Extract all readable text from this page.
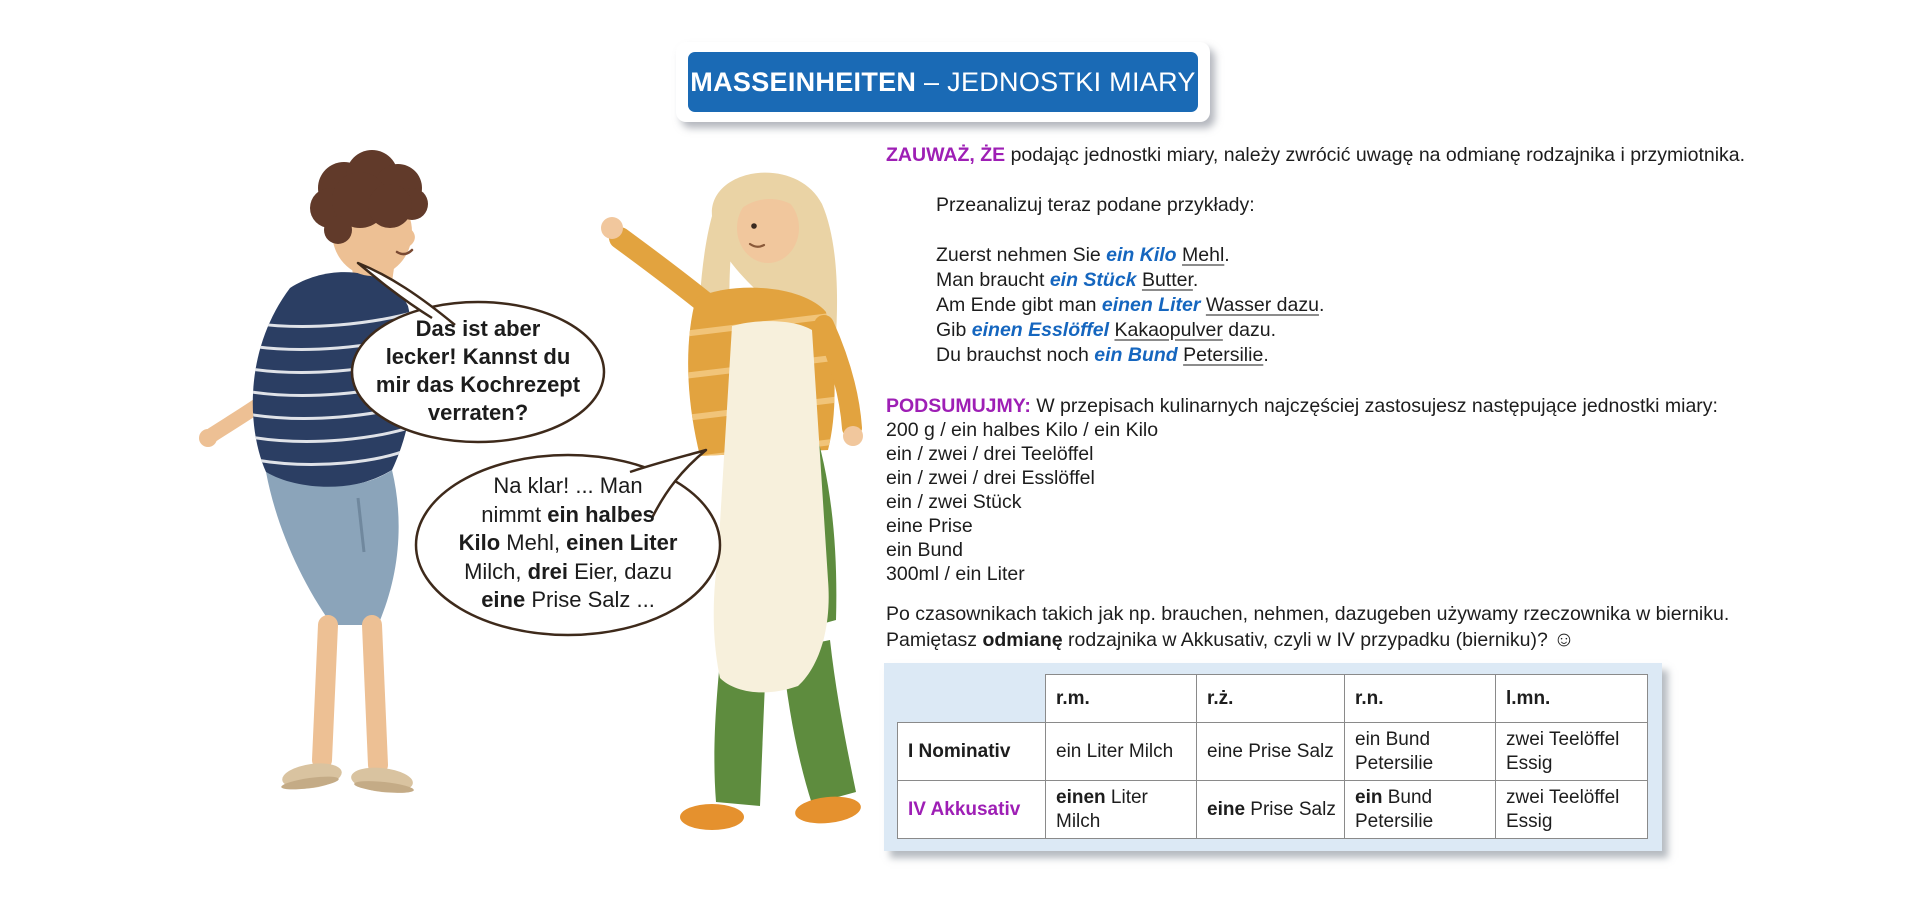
MASSEINHEITEN – JEDNOSTKI MIARY
Das ist aber
lecker! Kannst du
mir das Kochrezept
verraten?
Na klar! ... Man
nimmt ein halbes
Kilo Mehl, einen Liter
Milch, drei Eier, dazu
eine Prise Salz ...

ZAUWAŻ, ŻE podając jednostki miary, należy zwrócić uwagę na odmianę rodzajnika i przymiotnika.

Przeanalizuj teraz podane przykłady:

Zuerst nehmen Sie ein Kilo Mehl.
Man braucht ein Stück Butter.
Am Ende gibt man einen Liter Wasser dazu.
Gib einen Esslöffel Kakaopulver dazu.
Du brauchst noch ein Bund Petersilie.

PODSUMUJMY: W przepisach kulinarnych najczęściej zastosujesz następujące jednostki miary:

200 g / ein halbes Kilo / ein Kilo
ein / zwei / drei Teelöffel
ein / zwei / drei Esslöffel
ein / zwei Stück
eine Prise
ein Bund
300ml / ein Liter
Po czasownikach takich jak np. brauchen, nehmen, dazugeben używamy rzeczownika w bierniku.
Pamiętasz odmianę rodzajnika w Akkusativ, czyli w IV przypadku (bierniku)? ☺
	r.m.	r.ż.	r.n.	l.mn.
I Nominativ	ein Liter Milch	eine Prise Salz	ein Bund Petersilie	zwei Teelöffel Essig
IV Akkusativ	einen Liter Milch	eine Prise Salz	ein Bund Petersilie	zwei Teelöffel Essig
